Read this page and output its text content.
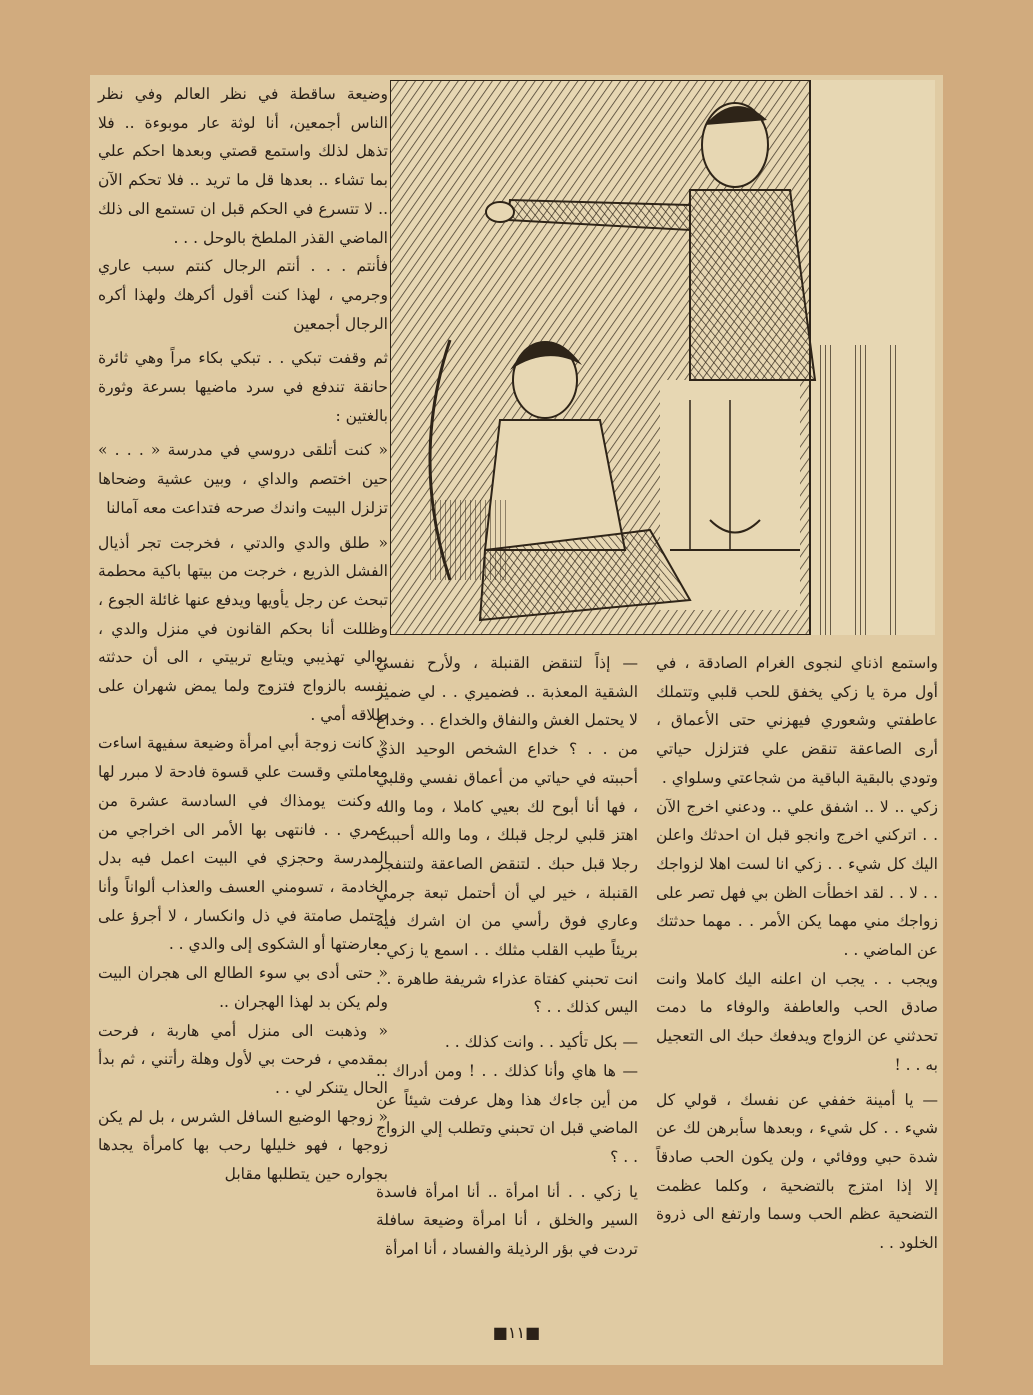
وضيعة ساقطة في نظر العالم وفي نظر الناس أجمعين، أنا لوثة عار موبوءة .. فلا تذهل لذلك واستمع قصتي وبعدها احكم علي بما تشاء .. بعدها قل ما تريد .. فلا تحكم الآن .. لا تتسرع في الحكم قبل ان تستمع الى ذلك الماضي القذر الملطخ بالوحل . . .

فأنتم . . . أنتم الرجال كنتم سبب عاري وجرمي ، لهذا كنت أقول أكرهك ولهذا أكره الرجال أجمعين

ثم وقفت تبكي . . تبكي بكاء مراً وهي ثائرة حانقة تندفع في سرد ماضيها بسرعة وثورة بالغتين :

« كنت أتلقى دروسي في مدرسة « . . . » حين اختصم والداي ، وبين عشية وضحاها تزلزل البيت واندك صرحه فتداعت معه آمالنا

« طلق والدي والدتي ، فخرجت تجر أذيال الفشل الذريع ، خرجت من بيتها باكية محطمة تبحث عن رجل يأويها ويدفع عنها غائلة الجوع ، وظللت أنا بحكم القانون في منزل والدي ، يوالي تهذيبي ويتابع تربيتي ، الى أن حدثته نفسه بالزواج فتزوج ولما يمض شهران على طلاقه أمي .

« كانت زوجة أبي امرأة وضيعة سفيهة اساءت معاملتي وقست علي قسوة فادحة لا مبرر لها ، وكنت يومذاك في السادسة عشرة من عمري . . فانتهى بها الأمر الى اخراجي من المدرسة وحجزي في البيت اعمل فيه بدل الخادمة ، تسومني العسف والعذاب ألواناً وأنا احتمل صامتة في ذل وانكسار ، لا أجرؤ على معارضتها أو الشكوى إلى والدي . .

« حتى أدى بي سوء الطالع الى هجران البيت ولم يكن بد لهذا الهجران ..

« وذهبت الى منزل أمي هاربة ، فرحت بمقدمي ، فرحت بي لأول وهلة رأتني ، ثم بدأ الحال يتنكر لي . .

« زوجها الوضيع السافل الشرس ، بل لم يكن زوجها ، فهو خليلها رحب بها كامرأة يجدها بجواره حين يتطلبها مقابل

واستمع اذناي لنجوى الغرام الصادقة ، في أول مرة يا زكي يخفق للحب قلبي وتتملك عاطفتي وشعوري فيهزني حتى الأعماق ، أرى الصاعقة تنقض علي فتزلزل حياتي وتودي بالبقية الباقية من شجاعتي وسلواي .

زكي .. لا .. اشفق علي .. ودعني اخرج الآن . . اتركني اخرج وانجو قبل ان احدثك واعلن اليك كل شيء . . زكي انا لست اهلا لزواجك . . لا . . لقد اخطأت الظن بي فهل تصر على زواجك مني مهما يكن الأمر . . مهما حدثتك عن الماضي . .

ويجب . . يجب ان اعلنه اليك كاملا وانت صادق الحب والعاطفة والوفاء ما دمت تحدثني عن الزواج ويدفعك حبك الى التعجيل به . . !

— يا أمينة خففي عن نفسك ، قولي كل شيء . . كل شيء ، وبعدها سأبرهن لك عن شدة حبي ووفائي ، ولن يكون الحب صادقاً إلا إذا امتزج بالتضحية ، وكلما عظمت التضحية عظم الحب وسما وارتفع الى ذروة الخلود . .

— إذاً لتنقض القنبلة ، ولأرح نفسي الشقية المعذبة .. فضميري . . لي ضمير لا يحتمل الغش والنفاق والخداع . . وخداع من . . ؟ خداع الشخص الوحيد الذي أحببته في حياتي من أعماق نفسي وقلبي ، فها أنا أبوح لك بعيي كاملا ، وما والله اهتز قلبي لرجل قبلك ، وما والله أحببت رجلا قبل حبك . لتنقض الصاعقة ولتنفجر القنبلة ، خير لي أن أحتمل تبعة جرمي وعاري فوق رأسي من ان اشرك فيه بريئاً طيب القلب مثلك . . اسمع يا زكي . انت تحبني كفتاة عذراء شريفة طاهرة . . اليس كذلك . . ؟

— بكل تأكيد . . وانت كذلك . .

— ها هاي وأنا كذلك . . ! ومن أدراك .. من أين جاءك هذا وهل عرفت شيئاً عن الماضي قبل ان تحبني وتطلب إلي الزواج . . ؟

يا زكي . . أنا امرأة .. أنا امرأة فاسدة السير والخلق ، أنا امرأة وضيعة سافلة تردت في بؤر الرذيلة والفساد ، أنا امرأة

■١١■
